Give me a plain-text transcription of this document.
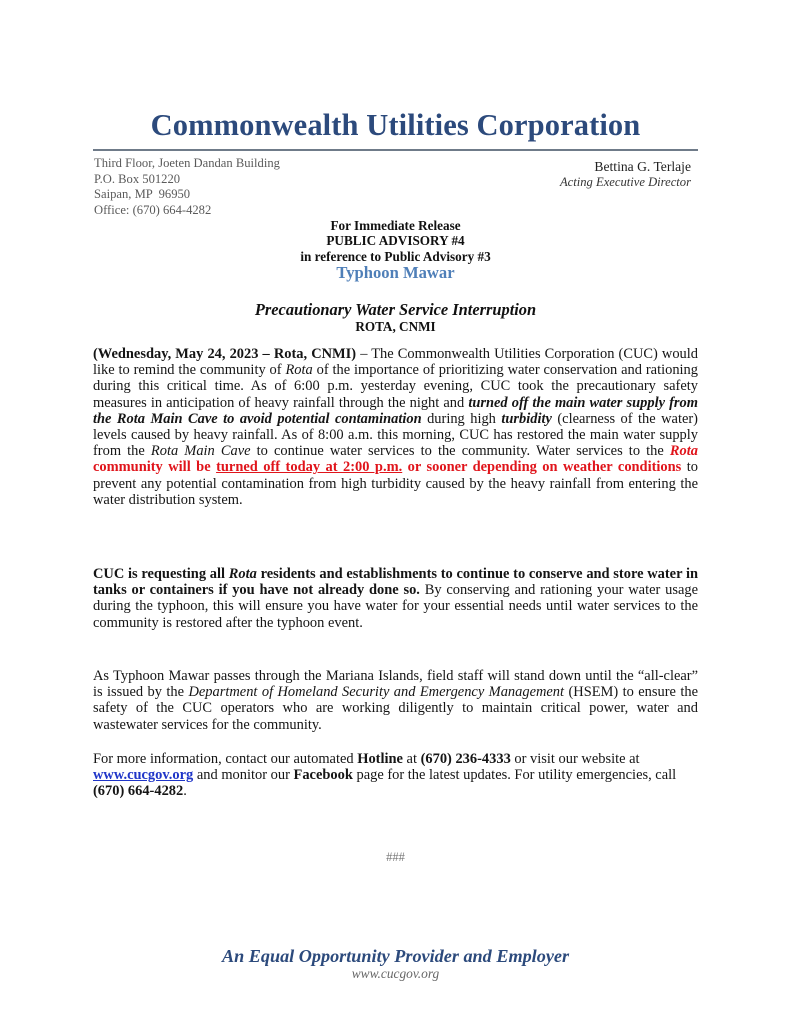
Commonwealth Utilities Corporation
Third Floor, Joeten Dandan Building
P.O. Box 501220
Saipan, MP  96950
Office: (670) 664-4282
Bettina G. Terlaje
Acting Executive Director
For Immediate Release
PUBLIC ADVISORY #4
in reference to Public Advisory #3
Typhoon Mawar
Precautionary Water Service Interruption
ROTA, CNMI
(Wednesday, May 24, 2023 – Rota, CNMI) – The Commonwealth Utilities Corporation (CUC) would like to remind the community of Rota of the importance of prioritizing water conservation and rationing during this critical time. As of 6:00 p.m. yesterday evening, CUC took the precautionary safety measures in anticipation of heavy rainfall through the night and turned off the main water supply from the Rota Main Cave to avoid potential contamination during high turbidity (clearness of the water) levels caused by heavy rainfall. As of 8:00 a.m. this morning, CUC has restored the main water supply from the Rota Main Cave to continue water services to the community. Water services to the Rota community will be turned off today at 2:00 p.m. or sooner depending on weather conditions to prevent any potential contamination from high turbidity caused by the heavy rainfall from entering the water distribution system.
CUC is requesting all Rota residents and establishments to continue to conserve and store water in tanks or containers if you have not already done so. By conserving and rationing your water usage during the typhoon, this will ensure you have water for your essential needs until water services to the community is restored after the typhoon event.
As Typhoon Mawar passes through the Mariana Islands, field staff will stand down until the “all-clear” is issued by the Department of Homeland Security and Emergency Management (HSEM) to ensure the safety of the CUC operators who are working diligently to maintain critical power, water and wastewater services for the community.
For more information, contact our automated Hotline at (670) 236-4333 or visit our website at
www.cucgov.org and monitor our Facebook page for the latest updates. For utility emergencies, call (670) 664-4282.
###
An Equal Opportunity Provider and Employer
www.cucgov.org
